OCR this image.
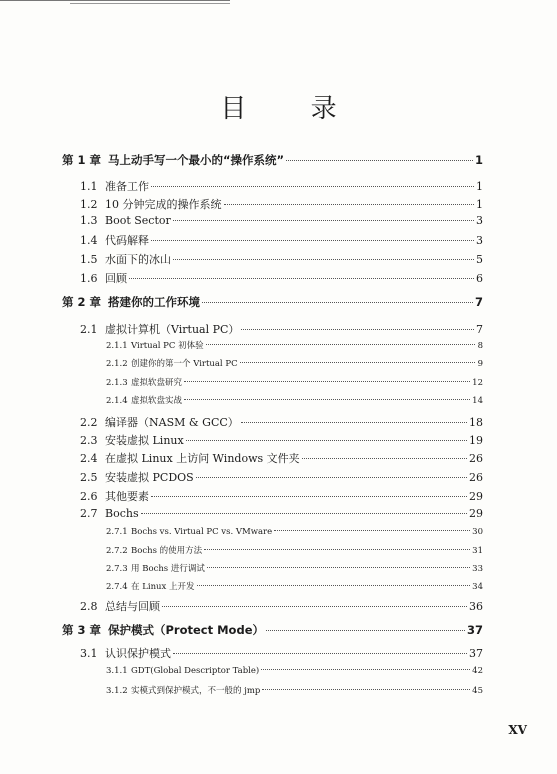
目 录
第 1 章 马上动手写一个最小的“操作系统”	1
1.1 准备工作	1
1.2 10 分钟完成的操作系统	1
1.3 Boot Sector	3
1.4 代码解释	3
1.5 水面下的冰山	5
1.6 回顾	6
第 2 章 搭建你的工作环境	7
2.1 虚拟计算机（Virtual PC）	7
2.1.1 Virtual PC 初体验	8
2.1.2 创建你的第一个 Virtual PC	9
2.1.3 虚拟软盘研究	12
2.1.4 虚拟软盘实战	14
2.2 编译器（NASM & GCC）	18
2.3 安装虚拟 Linux	19
2.4 在虚拟 Linux 上访问 Windows 文件夹	26
2.5 安装虚拟 PCDOS	26
2.6 其他要素	29
2.7 Bochs	29
2.7.1 Bochs vs. Virtual PC vs. VMware	30
2.7.2 Bochs 的使用方法	31
2.7.3 用 Bochs 进行调试	33
2.7.4 在 Linux 上开发	34
2.8 总结与回顾	36
第 3 章 保护模式（Protect Mode）	37
3.1 认识保护模式	37
3.1.1 GDT(Global Descriptor Table)	42
3.1.2 实模式到保护模式，不一般的 jmp	45
XV
